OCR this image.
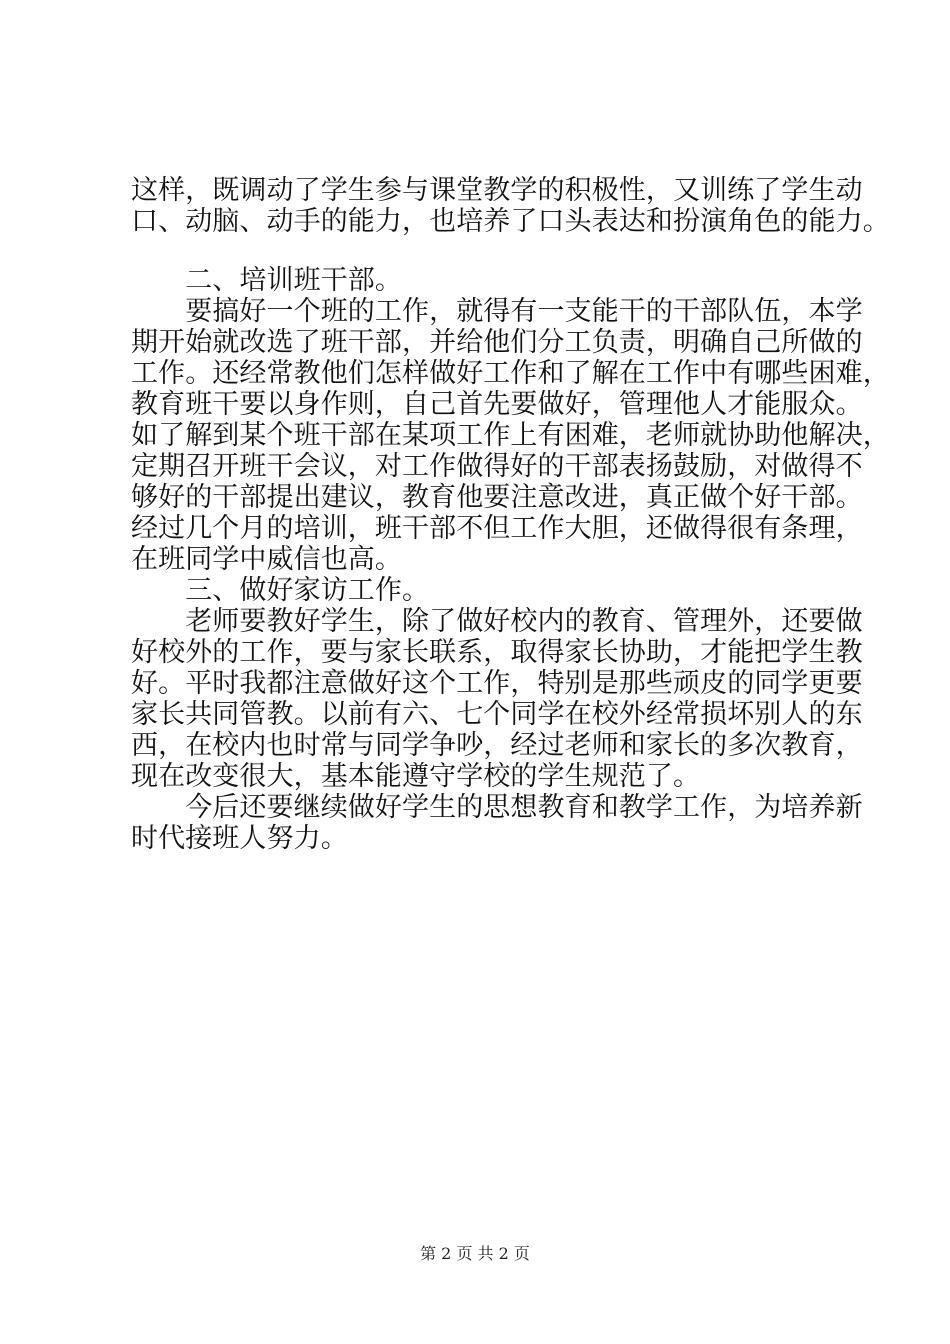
这样，既调动了学生参与课堂教学的积极性，又训练了学生动
口、动脑、动手的能力，也培养了口头表达和扮演角色的能力。
　　二、培训班干部。
　　要搞好一个班的工作，就得有一支能干的干部队伍，本学
期开始就改选了班干部，并给他们分工负责，明确自己所做的
工作。还经常教他们怎样做好工作和了解在工作中有哪些困难，
教育班干要以身作则，自己首先要做好，管理他人才能服众。
如了解到某个班干部在某项工作上有困难，老师就协助他解决，
定期召开班干会议，对工作做得好的干部表扬鼓励，对做得不
够好的干部提出建议，教育他要注意改进，真正做个好干部。
经过几个月的培训，班干部不但工作大胆，还做得很有条理，
在班同学中威信也高。
　　三、做好家访工作。
　　老师要教好学生，除了做好校内的教育、管理外，还要做
好校外的工作，要与家长联系，取得家长协助，才能把学生教
好。平时我都注意做好这个工作，特别是那些顽皮的同学更要
家长共同管教。以前有六、七个同学在校外经常损坏别人的东
西，在校内也时常与同学争吵，经过老师和家长的多次教育，
现在改变很大，基本能遵守学校的学生规范了。
　　今后还要继续做好学生的思想教育和教学工作，为培养新
时代接班人努力。
第 2 页 共 2 页
